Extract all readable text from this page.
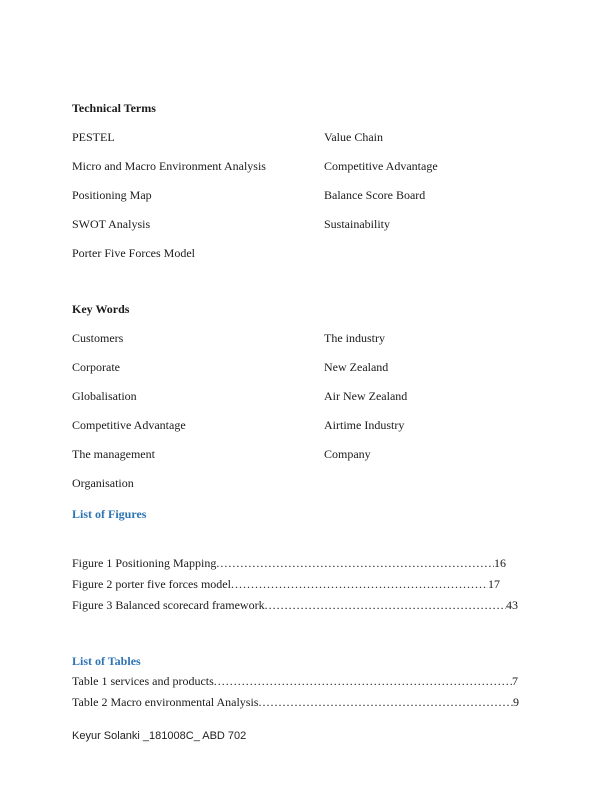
Technical Terms

PESTEL	Value Chain

Micro and Macro Environment Analysis	Competitive Advantage

Positioning Map	Balance Score Board

SWOT Analysis	Sustainability

Porter Five Forces Model

Key Words

Customers	The industry

Corporate	New Zealand

Globalisation	Air New Zealand

Competitive Advantage	Airtime Industry

The management	Company

Organisation

List of Figures
Figure 1 Positioning Mapping .....	16
Figure 2 porter five forces model .....	17
Figure 3 Balanced scorecard framework .....	43
List of Tables
Table 1 services and products .....	7
Table 2 Macro environmental Analysis .....	9

Keyur Solanki _181008C_ ABD 702
